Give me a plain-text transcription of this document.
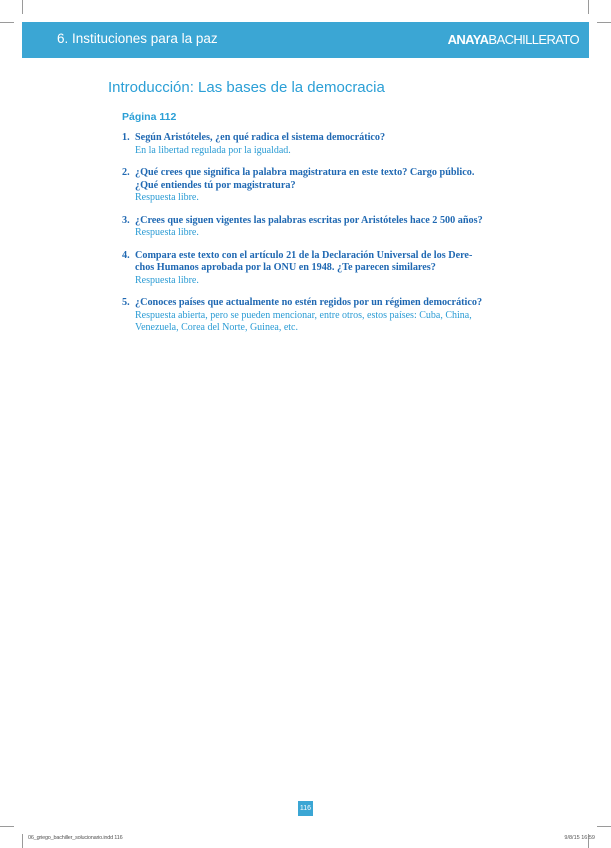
6. Instituciones para la paz	ANAYABACHILLERATO
Introducción: Las bases de la democracia
Página 112
1. Según Aristóteles, ¿en qué radica el sistema democrático?
En la libertad regulada por la igualdad.
2. ¿Qué crees que significa la palabra magistratura en este texto? Cargo público.
¿Qué entiendes tú por magistratura?
Respuesta libre.
3. ¿Crees que siguen vigentes las palabras escritas por Aristóteles hace 2 500 años?
Respuesta libre.
4. Compara este texto con el artículo 21 de la Declaración Universal de los Dere-
chos Humanos aprobada por la ONU en 1948. ¿Te parecen similares?
Respuesta libre.
5. ¿Conoces países que actualmente no estén regidos por un régimen democrático?
Respuesta abierta, pero se pueden mencionar, entre otros, estos países: Cuba, China,
Venezuela, Corea del Norte, Guinea, etc.
116
06_griego_bachiller_solucionario.indd 116	9/8/15 16:59
